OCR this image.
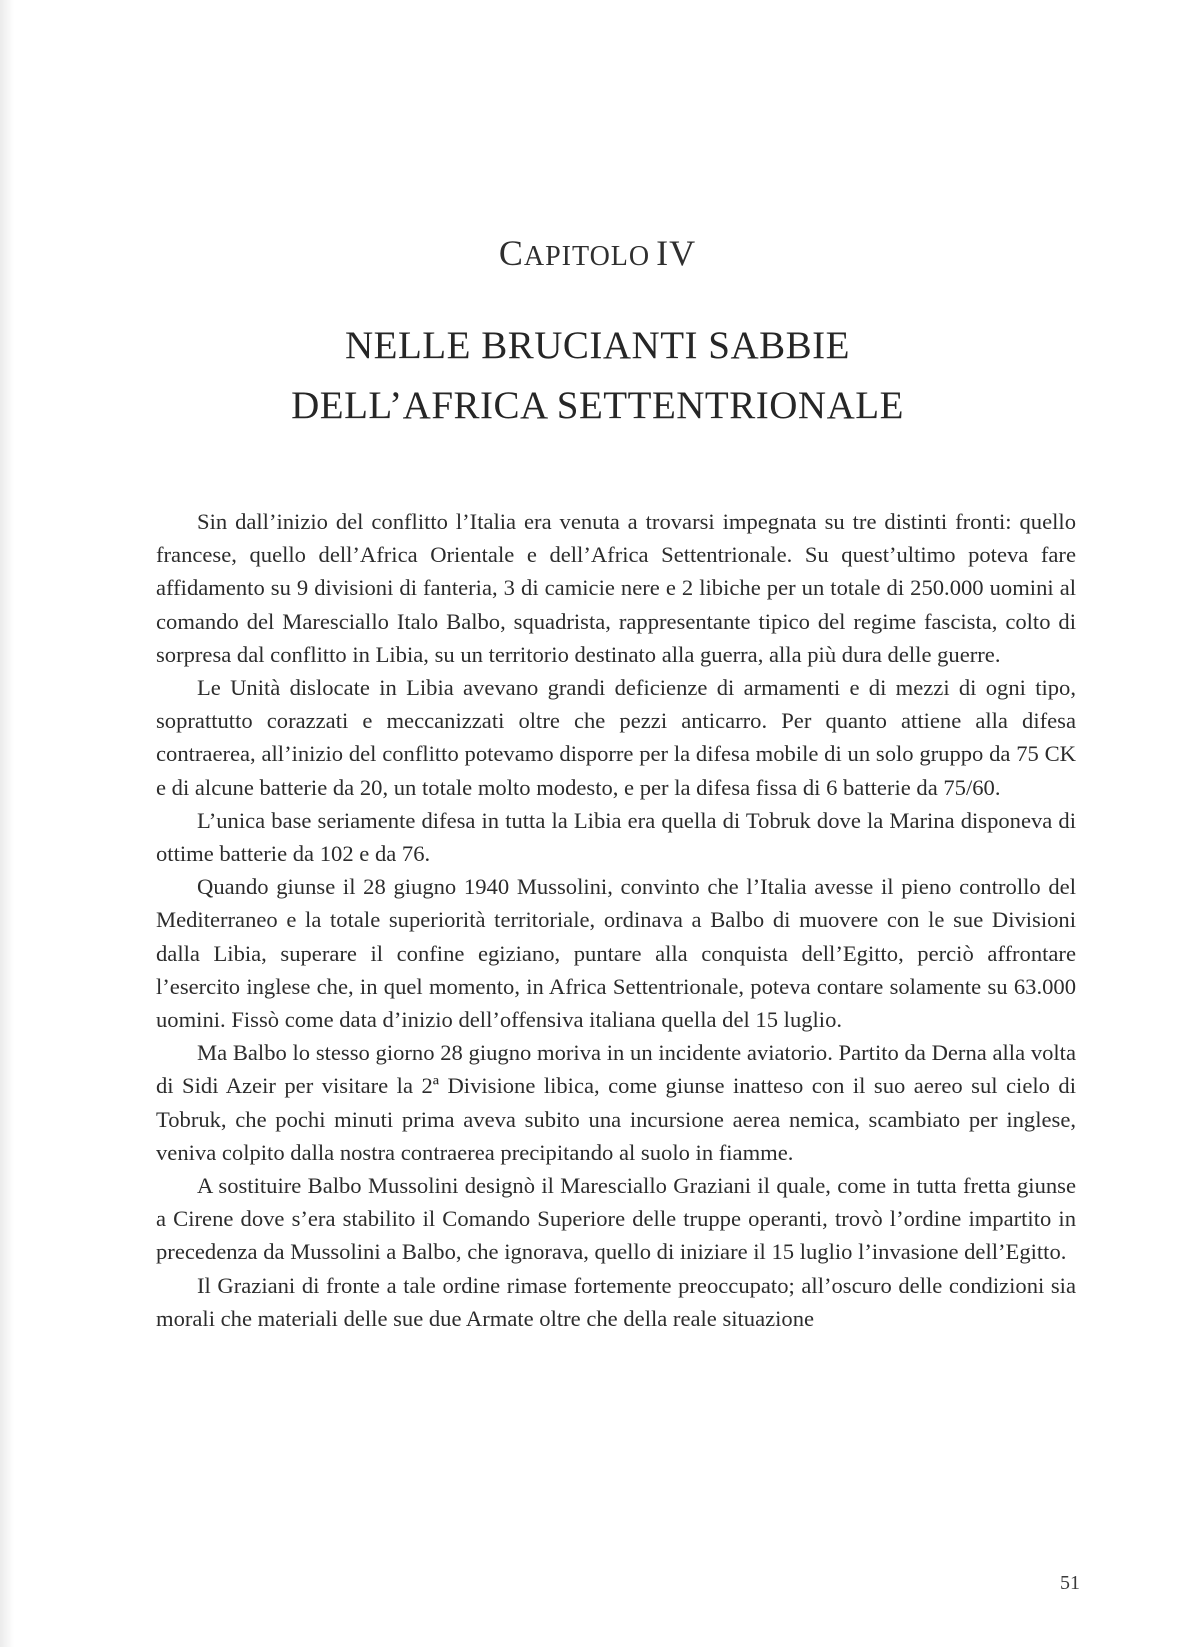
CAPITOLO IV
NELLE BRUCIANTI SABBIE
DELL’AFRICA SETTENTRIONALE

Sin dall’inizio del conflitto l’Italia era venuta a trovarsi impegnata su tre distinti fronti: quello francese, quello dell’Africa Orientale e dell’Africa Settentrionale. Su quest’ultimo poteva fare affidamento su 9 divisioni di fanteria, 3 di camicie nere e 2 libiche per un totale di 250.000 uomini al comando del Maresciallo Italo Balbo, squadrista, rappresentante tipico del regime fascista, colto di sorpresa dal conflitto in Libia, su un territorio destinato alla guerra, alla più dura delle guerre.

Le Unità dislocate in Libia avevano grandi deficienze di armamenti e di mezzi di ogni tipo, soprattutto corazzati e meccanizzati oltre che pezzi anticarro. Per quanto attiene alla difesa contraerea, all’inizio del conflitto potevamo disporre per la difesa mobile di un solo gruppo da 75 CK e di alcune batterie da 20, un totale molto modesto, e per la difesa fissa di 6 batterie da 75/60.

L’unica base seriamente difesa in tutta la Libia era quella di Tobruk dove la Marina disponeva di ottime batterie da 102 e da 76.

Quando giunse il 28 giugno 1940 Mussolini, convinto che l’Italia avesse il pieno controllo del Mediterraneo e la totale superiorità territoriale, ordinava a Balbo di muovere con le sue Divisioni dalla Libia, superare il confine egiziano, puntare alla conquista dell’Egitto, perciò affrontare l’esercito inglese che, in quel momento, in Africa Settentrionale, poteva contare solamente su 63.000 uomini. Fissò come data d’inizio dell’offensiva italiana quella del 15 luglio.

Ma Balbo lo stesso giorno 28 giugno moriva in un incidente aviatorio. Partito da Derna alla volta di Sidi Azeir per visitare la 2ª Divisione libica, come giunse inatteso con il suo aereo sul cielo di Tobruk, che pochi minuti prima aveva subito una incursione aerea nemica, scambiato per inglese, veniva colpito dalla nostra contraerea precipitando al suolo in fiamme.

A sostituire Balbo Mussolini designò il Maresciallo Graziani il quale, come in tutta fretta giunse a Cirene dove s’era stabilito il Comando Superiore delle truppe operanti, trovò l’ordine impartito in precedenza da Mussolini a Balbo, che ignorava, quello di iniziare il 15 luglio l’invasione dell’Egitto.

Il Graziani di fronte a tale ordine rimase fortemente preoccupato; all’oscuro delle condizioni sia morali che materiali delle sue due Armate oltre che della reale situazione

51
